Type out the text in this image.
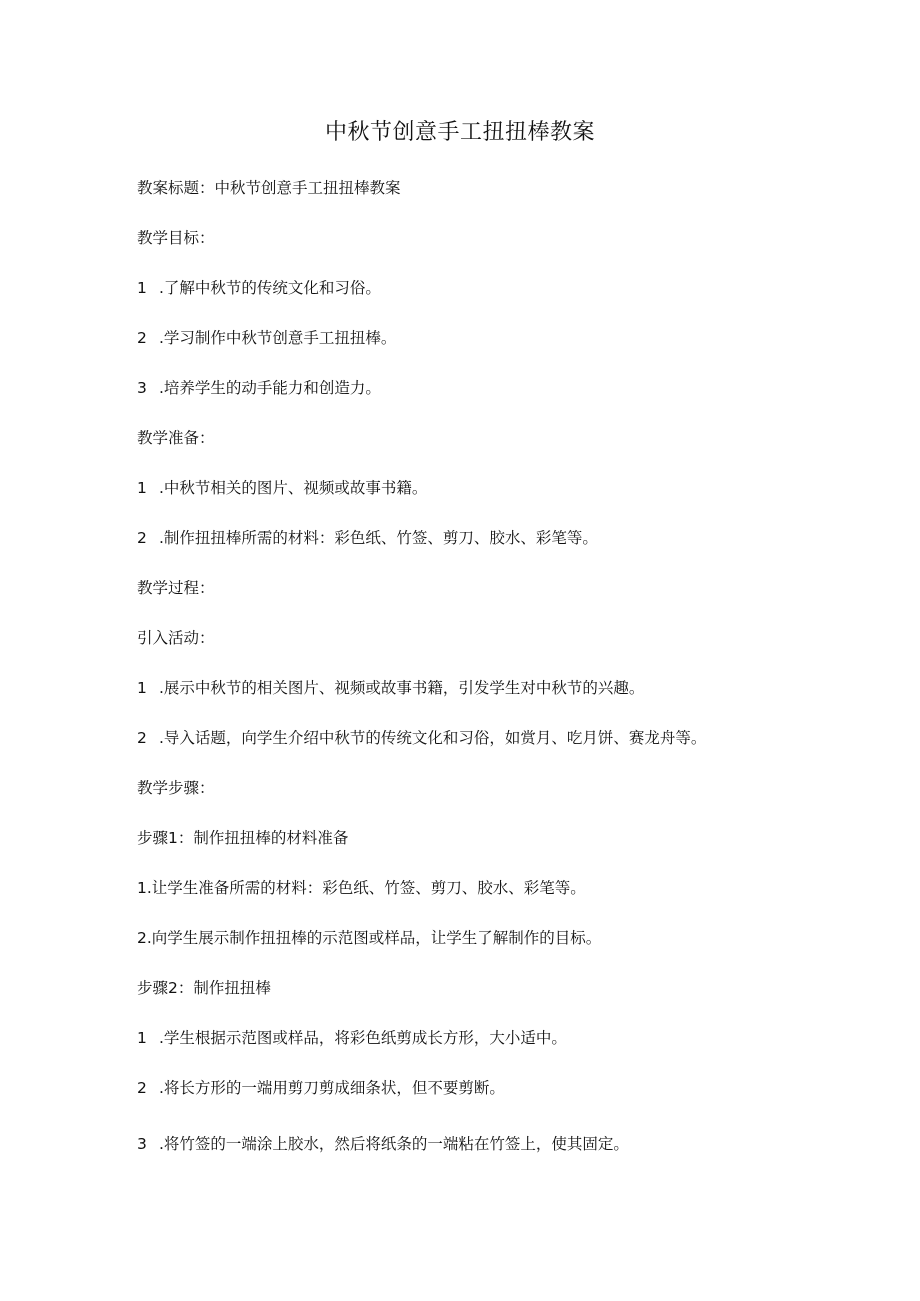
中秋节创意手工扭扭棒教案
教案标题：中秋节创意手工扭扭棒教案
教学目标：
1 .了解中秋节的传统文化和习俗。
2 .学习制作中秋节创意手工扭扭棒。
3 .培养学生的动手能力和创造力。
教学准备：
1 .中秋节相关的图片、视频或故事书籍。
2 .制作扭扭棒所需的材料：彩色纸、竹签、剪刀、胶水、彩笔等。
教学过程：
引入活动：
1 .展示中秋节的相关图片、视频或故事书籍，引发学生对中秋节的兴趣。
2 .导入话题，向学生介绍中秋节的传统文化和习俗，如赏月、吃月饼、赛龙舟等。
教学步骤：
步骤1：制作扭扭棒的材料准备
1.让学生准备所需的材料：彩色纸、竹签、剪刀、胶水、彩笔等。
2.向学生展示制作扭扭棒的示范图或样品，让学生了解制作的目标。
步骤2：制作扭扭棒
1 .学生根据示范图或样品，将彩色纸剪成长方形，大小适中。
2 .将长方形的一端用剪刀剪成细条状，但不要剪断。
3 .将竹签的一端涂上胶水，然后将纸条的一端粘在竹签上，使其固定。
